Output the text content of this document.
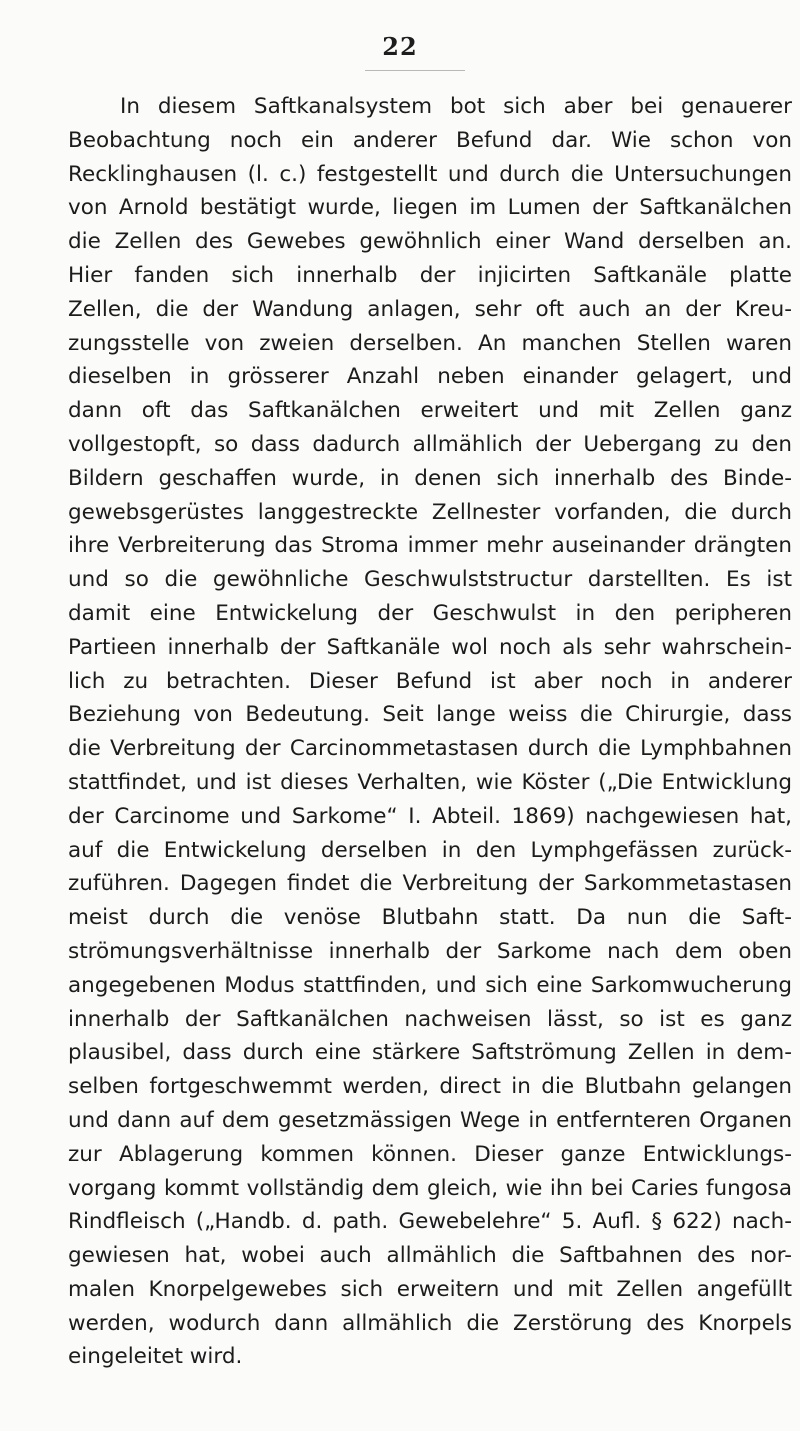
22
In diesem Saftkanalsystem bot sich aber bei genauerer
Beobachtung noch ein anderer Befund dar. Wie schon von
Recklinghausen (l. c.) festgestellt und durch die Untersuchungen
von Arnold bestätigt wurde, liegen im Lumen der Saftkanälchen
die Zellen des Gewebes gewöhnlich einer Wand derselben an.
Hier fanden sich innerhalb der injicirten Saftkanäle platte
Zellen, die der Wandung anlagen, sehr oft auch an der Kreu-
zungsstelle von zweien derselben. An manchen Stellen waren
dieselben in grösserer Anzahl neben einander gelagert, und
dann oft das Saftkanälchen erweitert und mit Zellen ganz
vollgestopft, so dass dadurch allmählich der Uebergang zu den
Bildern geschaffen wurde, in denen sich innerhalb des Binde-
gewebsgerüstes langgestreckte Zellnester vorfanden, die durch
ihre Verbreiterung das Stroma immer mehr auseinander drängten
und so die gewöhnliche Geschwulststructur darstellten. Es ist
damit eine Entwickelung der Geschwulst in den peripheren
Partieen innerhalb der Saftkanäle wol noch als sehr wahrschein-
lich zu betrachten. Dieser Befund ist aber noch in anderer
Beziehung von Bedeutung. Seit lange weiss die Chirurgie, dass
die Verbreitung der Carcinommetastasen durch die Lymphbahnen
stattfindet, und ist dieses Verhalten, wie Köster („Die Entwicklung
der Carcinome und Sarkome“ I. Abteil. 1869) nachgewiesen hat,
auf die Entwickelung derselben in den Lymphgefässen zurück-
zuführen. Dagegen findet die Verbreitung der Sarkommetastasen
meist durch die venöse Blutbahn statt. Da nun die Saft-
strömungsverhältnisse innerhalb der Sarkome nach dem oben
angegebenen Modus stattfinden, und sich eine Sarkomwucherung
innerhalb der Saftkanälchen nachweisen lässt, so ist es ganz
plausibel, dass durch eine stärkere Saftströmung Zellen in dem-
selben fortgeschwemmt werden, direct in die Blutbahn gelangen
und dann auf dem gesetzmässigen Wege in entfernteren Organen
zur Ablagerung kommen können. Dieser ganze Entwicklungs-
vorgang kommt vollständig dem gleich, wie ihn bei Caries fungosa
Rindfleisch („Handb. d. path. Gewebelehre“ 5. Aufl. § 622) nach-
gewiesen hat, wobei auch allmählich die Saftbahnen des nor-
malen Knorpelgewebes sich erweitern und mit Zellen angefüllt
werden, wodurch dann allmählich die Zerstörung des Knorpels
eingeleitet wird.
